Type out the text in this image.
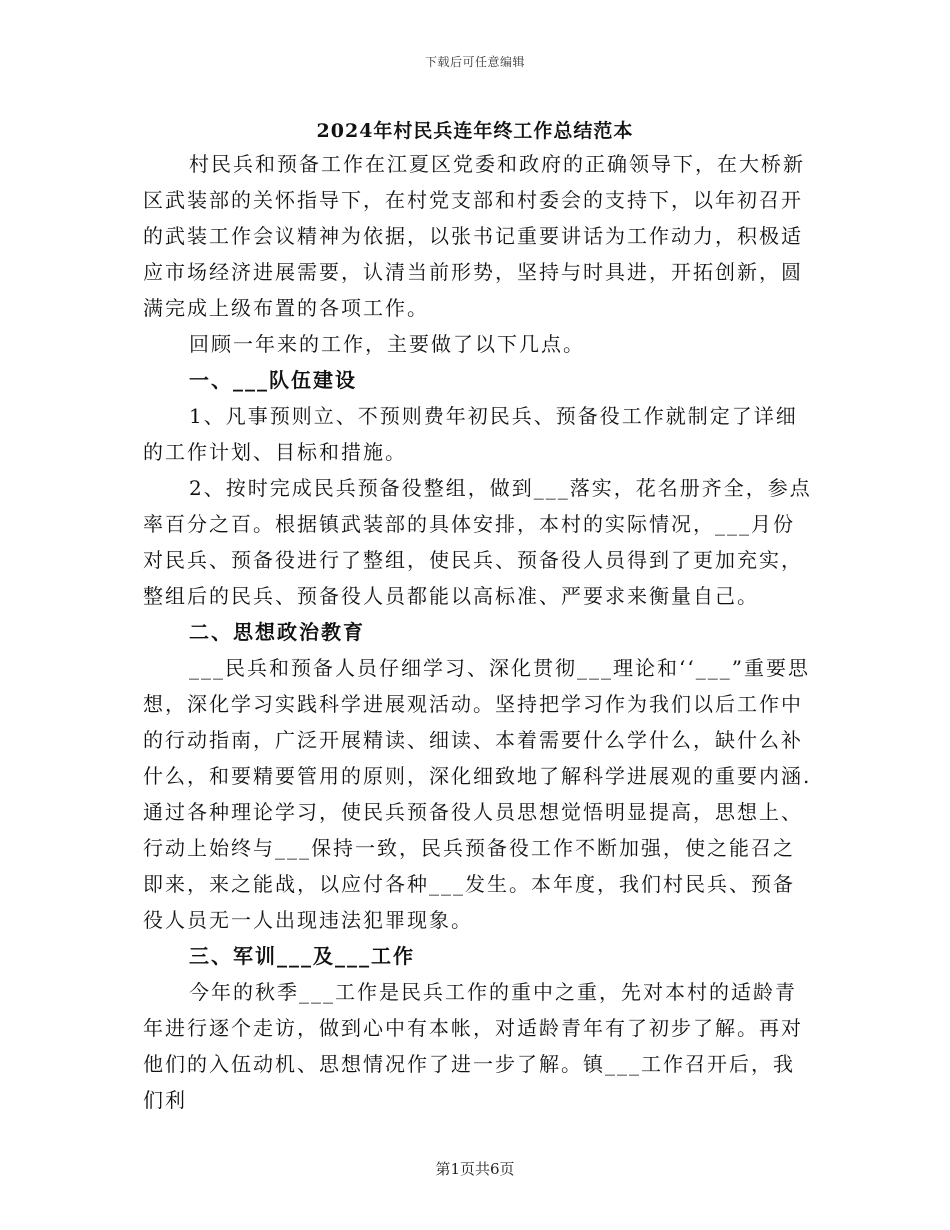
下载后可任意编辑
2024年村民兵连年终工作总结范本

村民兵和预备工作在江夏区党委和政府的正确领导下，在大桥新区武装部的关怀指导下，在村党支部和村委会的支持下，以年初召开的武装工作会议精神为依据，以张书记重要讲话为工作动力，积极适应市场经济进展需要，认清当前形势，坚持与时具进，开拓创新，圆满完成上级布置的各项工作。

回顾一年来的工作，主要做了以下几点。

一、___队伍建设

1、凡事预则立、不预则费年初民兵、预备役工作就制定了详细的工作计划、目标和措施。

2、按时完成民兵预备役整组，做到___落实，花名册齐全，参点率百分之百。根据镇武装部的具体安排，本村的实际情况，___月份对民兵、预备役进行了整组，使民兵、预备役人员得到了更加充实，整组后的民兵、预备役人员都能以高标准、严要求来衡量自己。

二、思想政治教育

___民兵和预备人员仔细学习、深化贯彻___理论和‘‘___”重要思想，深化学习实践科学进展观活动。坚持把学习作为我们以后工作中的行动指南，广泛开展精读、细读、本着需要什么学什么，缺什么补什么，和要精要管用的原则，深化细致地了解科学进展观的重要内涵.通过各种理论学习，使民兵预备役人员思想觉悟明显提高，思想上、行动上始终与___保持一致，民兵预备役工作不断加强，使之能召之即来，来之能战，以应付各种___发生。本年度，我们村民兵、预备役人员无一人出现违法犯罪现象。

三、军训___及___工作

今年的秋季___工作是民兵工作的重中之重，先对本村的适龄青年进行逐个走访，做到心中有本帐，对适龄青年有了初步了解。再对他们的入伍动机、思想情况作了进一步了解。镇___工作召开后，我们利

第1页共6页
